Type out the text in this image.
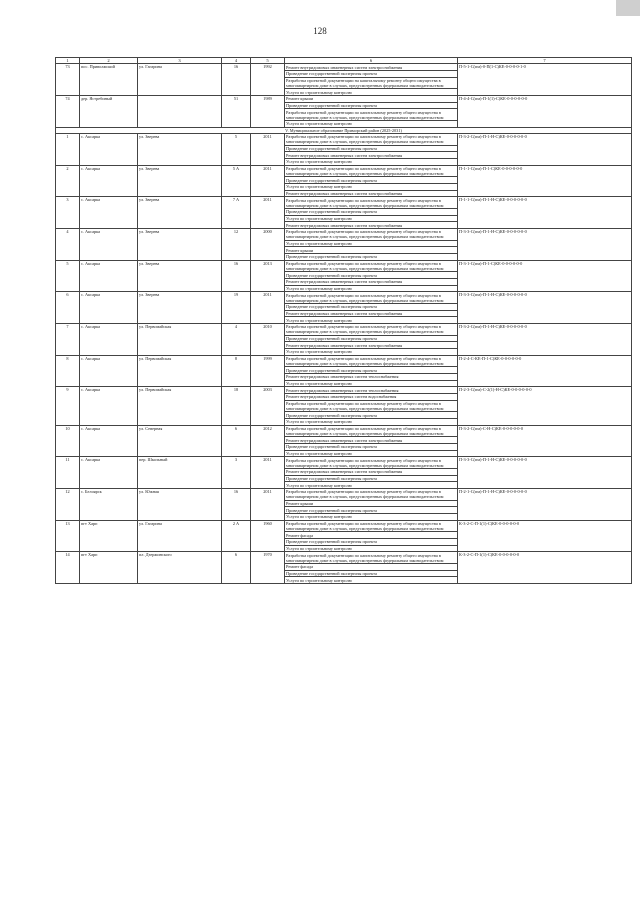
128
1	2	3	4	5	6	7
73	пос. Приволжский	ул. Гагарина	16	1992	Ремонт внутридомовых инженерных систем электроснабжения	П-5-1-С(пм)-0-П(1-С)КЕ-0-0-0-0-1-0
					Проведение государственной экспертизы проекта	
					Разработка проектной документации на капитальному ремонту общего имущества в многоквартирном доме в случаях, предусмотренных федеральным законодательством	
					Услуги по строительному контролю	
74	дер. Ястребиный		51	1989	Ремонт крыши	П-4-4-С(пм)-П-1(1)-С)КЕ-0-0-0-0-0-0
					Проведение государственной экспертизы проекта	
					Разработка проектной документации по капитальному ремонту общего имущества в многоквартирном доме в случаях, предусмотренных федеральным законодательством	
					Услуги по строительному контролю	
V. Муниципальное образование Приморский район (2025-2031)						
1	с. Аксарка	ул. Зверева	5	2011	Разработка проектной документации по капитальному ремонту общего имущества в многоквартирном доме в случаях, предусмотренных федеральным законодательством	П-3-2-С(пм)-П-1-Н-С)КЕ-0-0-0-0-0-0
					Проведение государственной экспертизы проекта	
					Ремонт внутридомовых инженерных систем электроснабжения	
					Услуги по строительному контролю	
2	с. Аксарка	ул. Зверева	5 А	2011	Разработка проектной документации по капитальному ремонту общего имущества в многоквартирном доме в случаях, предусмотренных федеральным законодательством	П-1-1-С(пм)-П-1-С)КЕ-0-0-0-0-0-0
					Проведение государственной экспертизы проекта	
					Услуги по строительному контролю	
					Ремонт внутридомовых инженерных систем электроснабжения	
3	с. Аксарка	ул. Зверева	7 А	2011	Разработка проектной документации по капитальному ремонту общего имущества в многоквартирном доме в случаях, предусмотренных федеральным законодательством	П-1-1-С(пм)-П-1-Н-С)КЕ-0-0-0-0-0-0
					Проведение государственной экспертизы проекта	
					Услуги по строительному контролю	
					Ремонт внутридомовых инженерных систем электроснабжения	
4	с. Аксарка	ул. Зверева	12	2000	Разработка проектной документации по капитальному ремонту общего имущества в многоквартирном доме в случаях, предусмотренных федеральным законодательством	П-3-3-С(пм)-П-1-Н-С)КЕ-0-0-0-0-0-0
					Услуги по строительному контролю	
					Ремонт крыши	
					Проведение государственной экспертизы проекта	
5	с. Аксарка	ул. Зверева	16	2013	Разработка проектной документации по капитальному ремонту общего имущества в многоквартирном доме в случаях, предусмотренных федеральным законодательством	П-3-1-С(пм)-П-1-С)КЕ-0-0-0-0-0-0
					Проведение государственной экспертизы проекта	
					Ремонт внутридомовых инженерных систем электроснабжения	
					Услуги по строительному контролю	
6	с. Аксарка	ул. Зверева	19	2011	Разработка проектной документации по капитальному ремонту общего имущества в многоквартирном доме в случаях, предусмотренных федеральным законодательством	П-3-3-С(пм)-П-1-Н-С)КЕ-0-0-0-0-0-0
					Проведение государственной экспертизы проекта	
					Ремонт внутридомовых инженерных систем электроснабжения	
					Услуги по строительному контролю	
7	с. Аксарка	ул. Первомайская	4	2010	Разработка проектной документации по капитальному ремонту общего имущества в многоквартирном доме в случаях, предусмотренных федеральным законодательством	П-3-2-С(пм)-П-1-Н-С)КЕ-0-0-0-0-0-0
					Проведение государственной экспертизы проекта	
					Ремонт внутридомовых инженерных систем электроснабжения	
					Услуги по строительному контролю	
8	с. Аксарка	ул. Первомайская	8	1999	Разработка проектной документации по капитальному ремонту общего имущества в многоквартирном доме в случаях, предусмотренных федеральным законодательством	П-2-4-С-КЕ-П-1-С)КЕ-0-0-0-0-0-0
					Проведение государственной экспертизы проекта	
					Ремонт внутридомовых инженерных систем теплоснабжения	
					Услуги по строительному контролю	
9	с. Аксарка	ул. Первомайская	18	2003	Ремонт внутридомовых инженерных систем теплоснабжения	П-2-3-С(пм)-С-2(1)-Н-С)КЕ-0-0-0-0-0-0
					Ремонт внутридомовых инженерных систем водоснабжения	
					Разработка проектной документации по капитальному ремонту общего имущества в многоквартирном доме в случаях, предусмотренных федеральным законодательством	
					Проведение государственной экспертизы проекта	
					Услуги по строительному контролю	
10	с. Аксарка	ул. Северная	6	2012	Разработка проектной документации по капитальному ремонту общего имущества в многоквартирном доме в случаях, предусмотренных федеральным законодательством	П-3-2-С(пм)-С-Н-С)КЕ-0-0-0-0-0-0
					Ремонт внутридомовых инженерных систем электроснабжения	
					Проведение государственной экспертизы проекта	
					Услуги по строительному контролю	
11	с. Аксарка	пер. Школьный	3	2011	Разработка проектной документации по капитальному ремонту общего имущества в многоквартирном доме в случаях, предусмотренных федеральным законодательством	П-3-3-С(пм)-П-1-Н-С)КЕ-0-0-0-0-0-0
					Ремонт внутридомовых инженерных систем электроснабжения	
					Проведение государственной экспертизы проекта	
					Услуги по строительному контролю	
12	с. Белоярск	ул. Южная	16	2011	Разработка проектной документации по капитальному ремонту общего имущества в многоквартирном доме в случаях, предусмотренных федеральным законодательством	П-2-1-С(пм)-П-1-Н-С)КЕ-0-0-0-0-0-0
					Ремонт крыши	
					Проведение государственной экспертизы проекта	
					Услуги по строительному контролю	
13	пгт Харп	ул. Гагарина	2 А	1960	Разработка проектной документации по капитальному ремонту общего имущества в многоквартирном доме в случаях, предусмотренных федеральным законодательством	К-3-2-С-П-1(1)-С)КЕ-0-0-0-0-0-0
					Ремонт фасада	
					Проведение государственной экспертизы проекта	
					Услуги по строительному контролю	
14	пгт Харп	пл. Дзержинского	6	1970	Разработка проектной документации по капитальному ремонту общего имущества в многоквартирном доме в случаях, предусмотренных федеральным законодательством	К-3-2-С-П-1(1)-С)КЕ-0-0-0-0-0-0
					Ремонт фасада	
					Проведение государственной экспертизы проекта	
					Услуги по строительному контролю	
